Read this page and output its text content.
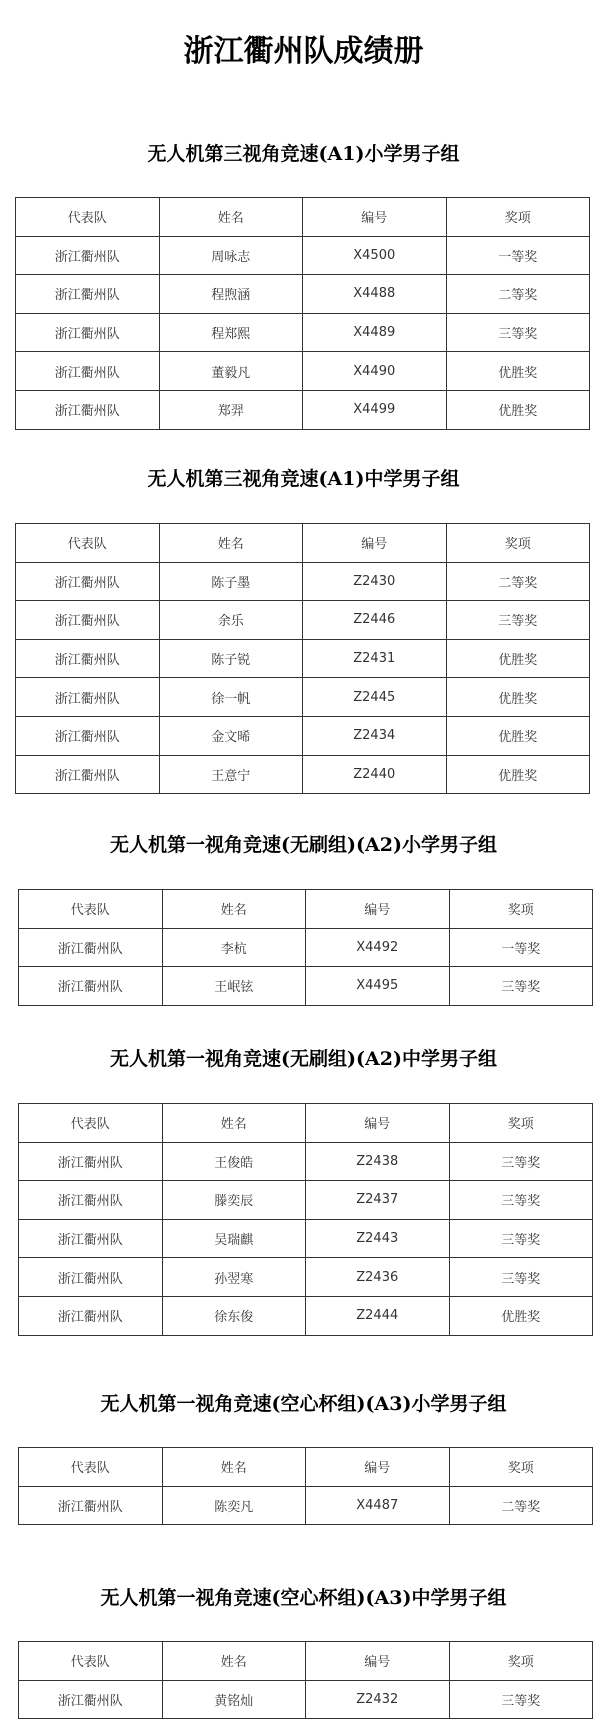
浙江衢州队成绩册
无人机第三视角竞速(A1)小学男子组
代表队	姓名	编号	奖项
浙江衢州队	周咏志	X4500	一等奖
浙江衢州队	程煦涵	X4488	二等奖
浙江衢州队	程郑熙	X4489	三等奖
浙江衢州队	董毅凡	X4490	优胜奖
浙江衢州队	郑羿	X4499	优胜奖
无人机第三视角竞速(A1)中学男子组
代表队	姓名	编号	奖项
浙江衢州队	陈子墨	Z2430	二等奖
浙江衢州队	余乐	Z2446	三等奖
浙江衢州队	陈子锐	Z2431	优胜奖
浙江衢州队	徐一帆	Z2445	优胜奖
浙江衢州队	金文晞	Z2434	优胜奖
浙江衢州队	王意宁	Z2440	优胜奖
无人机第一视角竞速(无刷组)(A2)小学男子组
代表队	姓名	编号	奖项
浙江衢州队	李杭	X4492	一等奖
浙江衢州队	王岷铉	X4495	三等奖
无人机第一视角竞速(无刷组)(A2)中学男子组
代表队	姓名	编号	奖项
浙江衢州队	王俊皓	Z2438	三等奖
浙江衢州队	滕奕辰	Z2437	三等奖
浙江衢州队	吴瑞麒	Z2443	三等奖
浙江衢州队	孙翌寒	Z2436	三等奖
浙江衢州队	徐东俊	Z2444	优胜奖
无人机第一视角竞速(空心杯组)(A3)小学男子组
代表队	姓名	编号	奖项
浙江衢州队	陈奕凡	X4487	二等奖
无人机第一视角竞速(空心杯组)(A3)中学男子组
代表队	姓名	编号	奖项
浙江衢州队	黄铭灿	Z2432	三等奖
